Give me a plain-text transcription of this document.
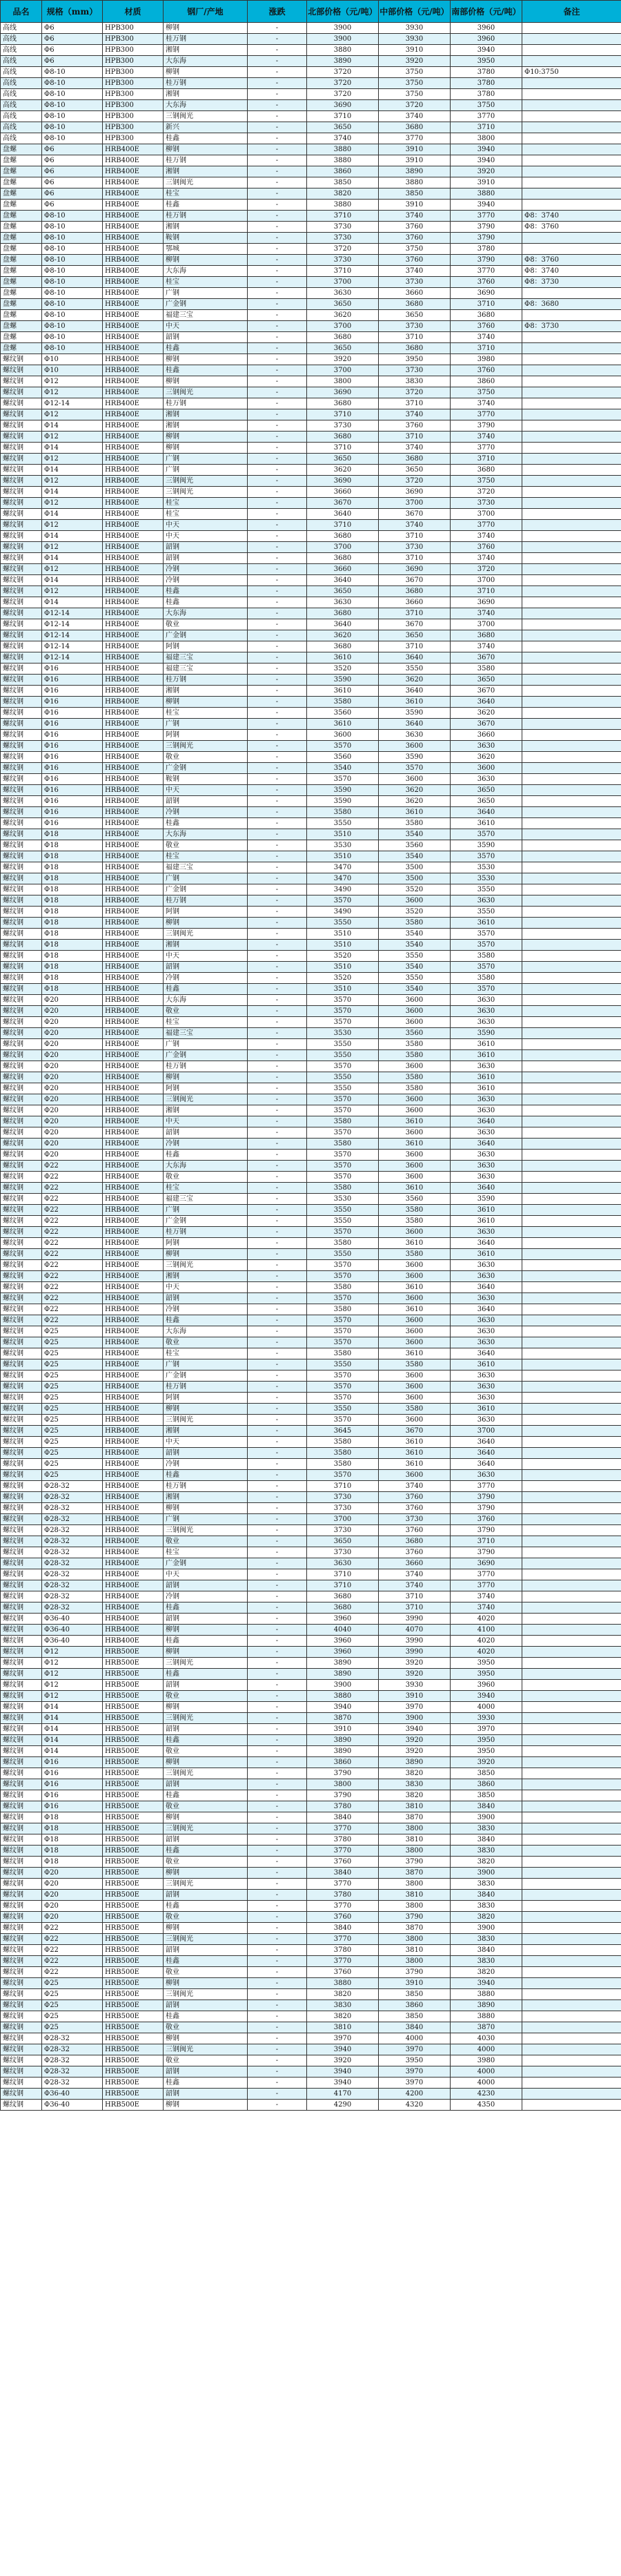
品名	规格（mm）	材质	钢厂/产地	涨跌	北部价格（元/吨）	中部价格（元/吨）	南部价格（元/吨）	备注
高线	Φ6	HPB300	柳钢	-	3900	3930	3960	
高线	Φ6	HPB300	桂万钢	-	3900	3930	3960	
高线	Φ6	HPB300	湘钢	-	3880	3910	3940	
高线	Φ6	HPB300	大东海	-	3890	3920	3950	
高线	Φ8-10	HPB300	柳钢	-	3720	3750	3780	Φ10:3750
高线	Φ8-10	HPB300	桂万钢	-	3720	3750	3780	
高线	Φ8-10	HPB300	湘钢	-	3720	3750	3780	
高线	Φ8-10	HPB300	大东海	-	3690	3720	3750	
高线	Φ8-10	HPB300	三钢闽光	-	3710	3740	3770	
高线	Φ8-10	HPB300	新兴	-	3650	3680	3710	
高线	Φ8-10	HPB300	桂鑫	-	3740	3770	3800	
盘螺	Φ6	HRB400E	柳钢	-	3880	3910	3940	
盘螺	Φ6	HRB400E	桂万钢	-	3880	3910	3940	
盘螺	Φ6	HRB400E	湘钢	-	3860	3890	3920	
盘螺	Φ6	HRB400E	三钢闽光	-	3850	3880	3910	
盘螺	Φ6	HRB400E	桂宝	-	3820	3850	3880	
盘螺	Φ6	HRB400E	桂鑫	-	3880	3910	3940	
盘螺	Φ8-10	HRB400E	桂万钢	-	3710	3740	3770	Φ8：3740
盘螺	Φ8-10	HRB400E	湘钢	-	3730	3760	3790	Φ8：3760
盘螺	Φ8-10	HRB400E	鞍钢	-	3730	3760	3790	
盘螺	Φ8-10	HRB400E	鄂城	-	3720	3750	3780	
盘螺	Φ8-10	HRB400E	柳钢	-	3730	3760	3790	Φ8：3760
盘螺	Φ8-10	HRB400E	大东海	-	3710	3740	3770	Φ8：3740
盘螺	Φ8-10	HRB400E	桂宝	-	3700	3730	3760	Φ8：3730
盘螺	Φ8-10	HRB400E	广钢	-	3630	3660	3690	
盘螺	Φ8-10	HRB400E	广金钢	-	3650	3680	3710	Φ8：3680
盘螺	Φ8-10	HRB400E	福建三宝	-	3620	3650	3680	
盘螺	Φ8-10	HRB400E	中天	-	3700	3730	3760	Φ8：3730
盘螺	Φ8-10	HRB400E	韶钢	-	3680	3710	3740	
盘螺	Φ8-10	HRB400E	桂鑫	-	3650	3680	3710	
螺纹钢	Φ10	HRB400E	柳钢	-	3920	3950	3980	
螺纹钢	Φ10	HRB400E	桂鑫	-	3700	3730	3760	
螺纹钢	Φ12	HRB400E	柳钢	-	3800	3830	3860	
螺纹钢	Φ12	HRB400E	三钢闽光	-	3690	3720	3750	
螺纹钢	Φ12-14	HRB400E	桂万钢	-	3680	3710	3740	
螺纹钢	Φ12	HRB400E	湘钢	-	3710	3740	3770	
螺纹钢	Φ14	HRB400E	湘钢	-	3730	3760	3790	
螺纹钢	Φ12	HRB400E	柳钢	-	3680	3710	3740	
螺纹钢	Φ14	HRB400E	柳钢	-	3710	3740	3770	
螺纹钢	Φ12	HRB400E	广钢	-	3650	3680	3710	
螺纹钢	Φ14	HRB400E	广钢	-	3620	3650	3680	
螺纹钢	Φ12	HRB400E	三钢闽光	-	3690	3720	3750	
螺纹钢	Φ14	HRB400E	三钢闽光	-	3660	3690	3720	
螺纹钢	Φ12	HRB400E	桂宝	-	3670	3700	3730	
螺纹钢	Φ14	HRB400E	桂宝	-	3640	3670	3700	
螺纹钢	Φ12	HRB400E	中天	-	3710	3740	3770	
螺纹钢	Φ14	HRB400E	中天	-	3680	3710	3740	
螺纹钢	Φ12	HRB400E	韶钢	-	3700	3730	3760	
螺纹钢	Φ14	HRB400E	韶钢	-	3680	3710	3740	
螺纹钢	Φ12	HRB400E	冷钢	-	3660	3690	3720	
螺纹钢	Φ14	HRB400E	冷钢	-	3640	3670	3700	
螺纹钢	Φ12	HRB400E	桂鑫	-	3650	3680	3710	
螺纹钢	Φ14	HRB400E	桂鑫	-	3630	3660	3690	
螺纹钢	Φ12-14	HRB400E	大东海	-	3680	3710	3740	
螺纹钢	Φ12-14	HRB400E	敬业	-	3640	3670	3700	
螺纹钢	Φ12-14	HRB400E	广金钢	-	3620	3650	3680	
螺纹钢	Φ12-14	HRB400E	阿钢	-	3680	3710	3740	
螺纹钢	Φ12-14	HRB400E	福建三宝	-	3610	3640	3670	
螺纹钢	Φ16	HRB400E	福建三宝	-	3520	3550	3580	
螺纹钢	Φ16	HRB400E	桂万钢	-	3590	3620	3650	
螺纹钢	Φ16	HRB400E	湘钢	-	3610	3640	3670	
螺纹钢	Φ16	HRB400E	柳钢	-	3580	3610	3640	
螺纹钢	Φ16	HRB400E	桂宝	-	3560	3590	3620	
螺纹钢	Φ16	HRB400E	广钢	-	3610	3640	3670	
螺纹钢	Φ16	HRB400E	阿钢	-	3600	3630	3660	
螺纹钢	Φ16	HRB400E	三钢闽光	-	3570	3600	3630	
螺纹钢	Φ16	HRB400E	敬业	-	3560	3590	3620	
螺纹钢	Φ16	HRB400E	广金钢	-	3540	3570	3600	
螺纹钢	Φ16	HRB400E	鞍钢	-	3570	3600	3630	
螺纹钢	Φ16	HRB400E	中天	-	3590	3620	3650	
螺纹钢	Φ16	HRB400E	韶钢	-	3590	3620	3650	
螺纹钢	Φ16	HRB400E	冷钢	-	3580	3610	3640	
螺纹钢	Φ16	HRB400E	桂鑫	-	3550	3580	3610	
螺纹钢	Φ18	HRB400E	大东海	-	3510	3540	3570	
螺纹钢	Φ18	HRB400E	敬业	-	3530	3560	3590	
螺纹钢	Φ18	HRB400E	桂宝	-	3510	3540	3570	
螺纹钢	Φ18	HRB400E	福建三宝	-	3470	3500	3530	
螺纹钢	Φ18	HRB400E	广钢	-	3470	3500	3530	
螺纹钢	Φ18	HRB400E	广金钢	-	3490	3520	3550	
螺纹钢	Φ18	HRB400E	桂万钢	-	3570	3600	3630	
螺纹钢	Φ18	HRB400E	阿钢	-	3490	3520	3550	
螺纹钢	Φ18	HRB400E	柳钢	-	3550	3580	3610	
螺纹钢	Φ18	HRB400E	三钢闽光	-	3510	3540	3570	
螺纹钢	Φ18	HRB400E	湘钢	-	3510	3540	3570	
螺纹钢	Φ18	HRB400E	中天	-	3520	3550	3580	
螺纹钢	Φ18	HRB400E	韶钢	-	3510	3540	3570	
螺纹钢	Φ18	HRB400E	冷钢	-	3520	3550	3580	
螺纹钢	Φ18	HRB400E	桂鑫	-	3510	3540	3570	
螺纹钢	Φ20	HRB400E	大东海	-	3570	3600	3630	
螺纹钢	Φ20	HRB400E	敬业	-	3570	3600	3630	
螺纹钢	Φ20	HRB400E	桂宝	-	3570	3600	3630	
螺纹钢	Φ20	HRB400E	福建三宝	-	3530	3560	3590	
螺纹钢	Φ20	HRB400E	广钢	-	3550	3580	3610	
螺纹钢	Φ20	HRB400E	广金钢	-	3550	3580	3610	
螺纹钢	Φ20	HRB400E	桂万钢	-	3570	3600	3630	
螺纹钢	Φ20	HRB400E	柳钢	-	3550	3580	3610	
螺纹钢	Φ20	HRB400E	阿钢	-	3550	3580	3610	
螺纹钢	Φ20	HRB400E	三钢闽光	-	3570	3600	3630	
螺纹钢	Φ20	HRB400E	湘钢	-	3570	3600	3630	
螺纹钢	Φ20	HRB400E	中天	-	3580	3610	3640	
螺纹钢	Φ20	HRB400E	韶钢	-	3570	3600	3630	
螺纹钢	Φ20	HRB400E	冷钢	-	3580	3610	3640	
螺纹钢	Φ20	HRB400E	桂鑫	-	3570	3600	3630	
螺纹钢	Φ22	HRB400E	大东海	-	3570	3600	3630	
螺纹钢	Φ22	HRB400E	敬业	-	3570	3600	3630	
螺纹钢	Φ22	HRB400E	桂宝	-	3580	3610	3640	
螺纹钢	Φ22	HRB400E	福建三宝	-	3530	3560	3590	
螺纹钢	Φ22	HRB400E	广钢	-	3550	3580	3610	
螺纹钢	Φ22	HRB400E	广金钢	-	3550	3580	3610	
螺纹钢	Φ22	HRB400E	桂万钢	-	3570	3600	3630	
螺纹钢	Φ22	HRB400E	阿钢	-	3580	3610	3640	
螺纹钢	Φ22	HRB400E	柳钢	-	3550	3580	3610	
螺纹钢	Φ22	HRB400E	三钢闽光	-	3570	3600	3630	
螺纹钢	Φ22	HRB400E	湘钢	-	3570	3600	3630	
螺纹钢	Φ22	HRB400E	中天	-	3580	3610	3640	
螺纹钢	Φ22	HRB400E	韶钢	-	3570	3600	3630	
螺纹钢	Φ22	HRB400E	冷钢	-	3580	3610	3640	
螺纹钢	Φ22	HRB400E	桂鑫	-	3570	3600	3630	
螺纹钢	Φ25	HRB400E	大东海	-	3570	3600	3630	
螺纹钢	Φ25	HRB400E	敬业	-	3570	3600	3630	
螺纹钢	Φ25	HRB400E	桂宝	-	3580	3610	3640	
螺纹钢	Φ25	HRB400E	广钢	-	3550	3580	3610	
螺纹钢	Φ25	HRB400E	广金钢	-	3570	3600	3630	
螺纹钢	Φ25	HRB400E	桂万钢	-	3570	3600	3630	
螺纹钢	Φ25	HRB400E	阿钢	-	3570	3600	3630	
螺纹钢	Φ25	HRB400E	柳钢	-	3550	3580	3610	
螺纹钢	Φ25	HRB400E	三钢闽光	-	3570	3600	3630	
螺纹钢	Φ25	HRB400E	湘钢	-	3645	3670	3700	
螺纹钢	Φ25	HRB400E	中天	-	3580	3610	3640	
螺纹钢	Φ25	HRB400E	韶钢	-	3580	3610	3640	
螺纹钢	Φ25	HRB400E	冷钢	-	3580	3610	3640	
螺纹钢	Φ25	HRB400E	桂鑫	-	3570	3600	3630	
螺纹钢	Φ28-32	HRB400E	桂万钢	-	3710	3740	3770	
螺纹钢	Φ28-32	HRB400E	湘钢	-	3730	3760	3790	
螺纹钢	Φ28-32	HRB400E	柳钢	-	3730	3760	3790	
螺纹钢	Φ28-32	HRB400E	广钢	-	3700	3730	3760	
螺纹钢	Φ28-32	HRB400E	三钢闽光	-	3730	3760	3790	
螺纹钢	Φ28-32	HRB400E	敬业	-	3650	3680	3710	
螺纹钢	Φ28-32	HRB400E	桂宝	-	3730	3760	3790	
螺纹钢	Φ28-32	HRB400E	广金钢	-	3630	3660	3690	
螺纹钢	Φ28-32	HRB400E	中天	-	3710	3740	3770	
螺纹钢	Φ28-32	HRB400E	韶钢	-	3710	3740	3770	
螺纹钢	Φ28-32	HRB400E	冷钢	-	3680	3710	3740	
螺纹钢	Φ28-32	HRB400E	桂鑫	-	3680	3710	3740	
螺纹钢	Φ36-40	HRB400E	韶钢	-	3960	3990	4020	
螺纹钢	Φ36-40	HRB400E	柳钢	-	4040	4070	4100	
螺纹钢	Φ36-40	HRB400E	桂鑫	-	3960	3990	4020	
螺纹钢	Φ12	HRB500E	柳钢	-	3960	3990	4020	
螺纹钢	Φ12	HRB500E	三钢闽光	-	3890	3920	3950	
螺纹钢	Φ12	HRB500E	桂鑫	-	3890	3920	3950	
螺纹钢	Φ12	HRB500E	韶钢	-	3900	3930	3960	
螺纹钢	Φ12	HRB500E	敬业	-	3880	3910	3940	
螺纹钢	Φ14	HRB500E	柳钢	-	3940	3970	4000	
螺纹钢	Φ14	HRB500E	三钢闽光	-	3870	3900	3930	
螺纹钢	Φ14	HRB500E	韶钢	-	3910	3940	3970	
螺纹钢	Φ14	HRB500E	桂鑫	-	3890	3920	3950	
螺纹钢	Φ14	HRB500E	敬业	-	3890	3920	3950	
螺纹钢	Φ16	HRB500E	柳钢	-	3860	3890	3920	
螺纹钢	Φ16	HRB500E	三钢闽光	-	3790	3820	3850	
螺纹钢	Φ16	HRB500E	韶钢	-	3800	3830	3860	
螺纹钢	Φ16	HRB500E	桂鑫	-	3790	3820	3850	
螺纹钢	Φ16	HRB500E	敬业	-	3780	3810	3840	
螺纹钢	Φ18	HRB500E	柳钢	-	3840	3870	3900	
螺纹钢	Φ18	HRB500E	三钢闽光	-	3770	3800	3830	
螺纹钢	Φ18	HRB500E	韶钢	-	3780	3810	3840	
螺纹钢	Φ18	HRB500E	桂鑫	-	3770	3800	3830	
螺纹钢	Φ18	HRB500E	敬业	-	3760	3790	3820	
螺纹钢	Φ20	HRB500E	柳钢	-	3840	3870	3900	
螺纹钢	Φ20	HRB500E	三钢闽光	-	3770	3800	3830	
螺纹钢	Φ20	HRB500E	韶钢	-	3780	3810	3840	
螺纹钢	Φ20	HRB500E	桂鑫	-	3770	3800	3830	
螺纹钢	Φ20	HRB500E	敬业	-	3760	3790	3820	
螺纹钢	Φ22	HRB500E	柳钢	-	3840	3870	3900	
螺纹钢	Φ22	HRB500E	三钢闽光	-	3770	3800	3830	
螺纹钢	Φ22	HRB500E	韶钢	-	3780	3810	3840	
螺纹钢	Φ22	HRB500E	桂鑫	-	3770	3800	3830	
螺纹钢	Φ22	HRB500E	敬业	-	3760	3790	3820	
螺纹钢	Φ25	HRB500E	柳钢	-	3880	3910	3940	
螺纹钢	Φ25	HRB500E	三钢闽光	-	3820	3850	3880	
螺纹钢	Φ25	HRB500E	韶钢	-	3830	3860	3890	
螺纹钢	Φ25	HRB500E	桂鑫	-	3820	3850	3880	
螺纹钢	Φ25	HRB500E	敬业	-	3810	3840	3870	
螺纹钢	Φ28-32	HRB500E	柳钢	-	3970	4000	4030	
螺纹钢	Φ28-32	HRB500E	三钢闽光	-	3940	3970	4000	
螺纹钢	Φ28-32	HRB500E	敬业	-	3920	3950	3980	
螺纹钢	Φ28-32	HRB500E	韶钢	-	3940	3970	4000	
螺纹钢	Φ28-32	HRB500E	桂鑫	-	3940	3970	4000	
螺纹钢	Φ36-40	HRB500E	韶钢	-	4170	4200	4230	
螺纹钢	Φ36-40	HRB500E	柳钢	-	4290	4320	4350	
